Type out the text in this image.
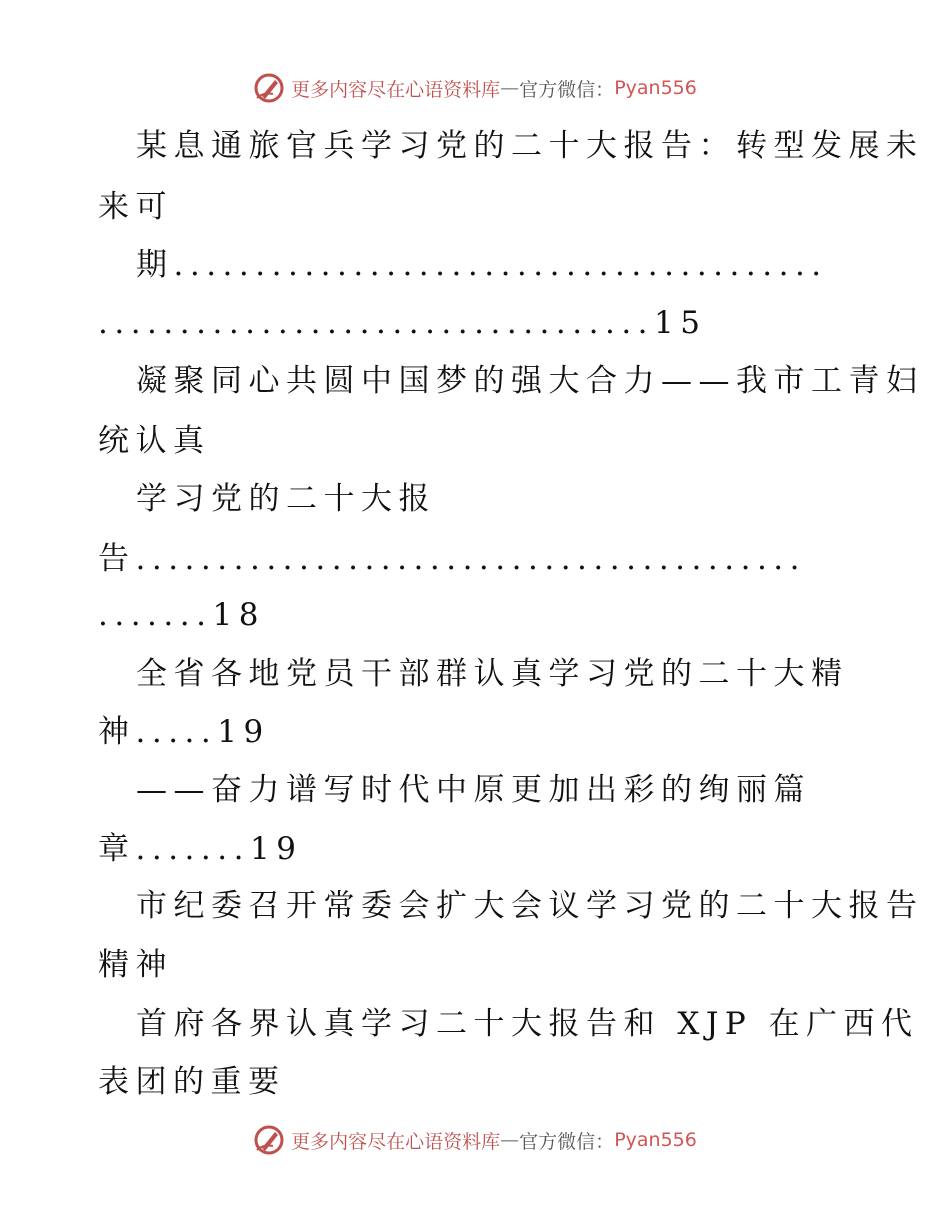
更多内容尽在心语资料库 — 官方微信： Pyan556
某息通旅官兵学习党的二十大报告：转型发展未
来可
期........................................
..................................15
凝聚同心共圆中国梦的强大合力——我市工青妇
统认真
学习党的二十大报
告.........................................
.......18
全省各地党员干部群认真学习党的二十大精
神.....19
——奋力谱写时代中原更加出彩的绚丽篇
章.......19
市纪委召开常委会扩大会议学习党的二十大报告
精神
首府各界认真学习二十大报告和 XJP 在广西代
表团的重要
更多内容尽在心语资料库 — 官方微信： Pyan556
